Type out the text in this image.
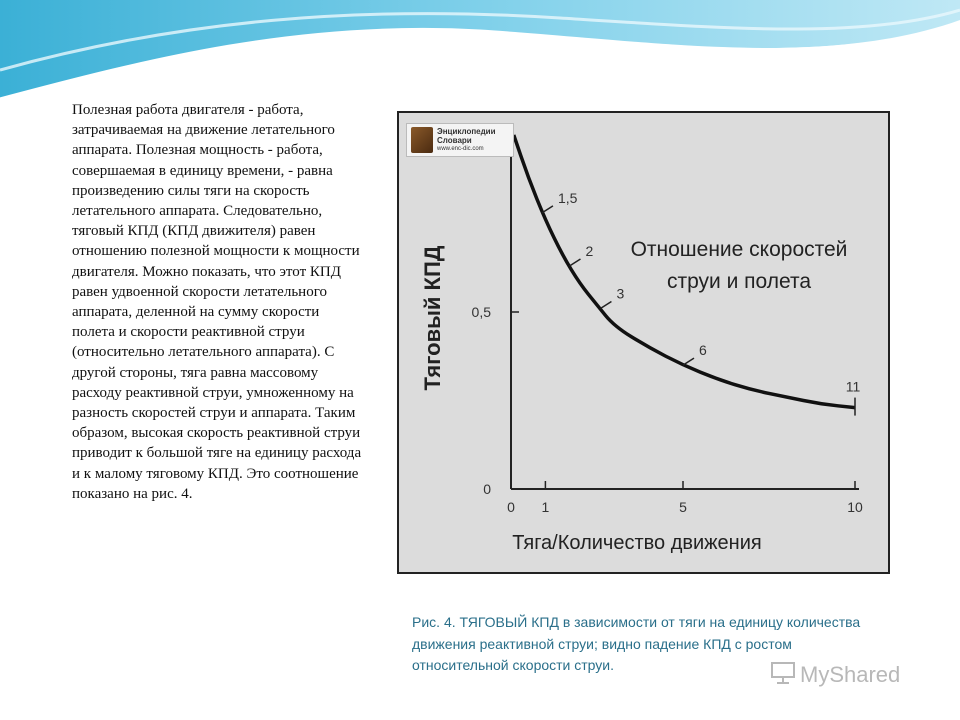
Полезная работа двигателя - работа, затрачиваемая на движение летательного аппарата. Полезная мощность - работа, совершаемая в единицу времени, - равна произведению силы тяги на скорость летательного аппарата. Следовательно, тяговый КПД (КПД движителя) равен отношению полезной мощности к мощности двигателя. Можно показать, что этот КПД равен удвоенной скорости летательного аппарата, деленной на сумму скорости полета и скорости реактивной струи (относительно летательного аппарата). С другой стороны, тяга равна массовому расходу реактивной струи, умноженному на разность скоростей струи и аппарата. Таким образом, высокая скорость реактивной струи приводит к большой тяге на единицу расхода и к малому тяговому КПД. Это соотношение показано на рис. 4.
0 1	5	10
0
0,5
1,5
2
3
6
11
Отношение скоростей
струи и полета
Тяга/Количество движения
Тяговый КПД
Энциклопедии Словари
www.enc-dic.com
Рис. 4. ТЯГОВЫЙ КПД в зависимости от тяги на единицу количества движения реактивной струи; видно падение КПД с ростом относительной скорости струи.	MyShared
